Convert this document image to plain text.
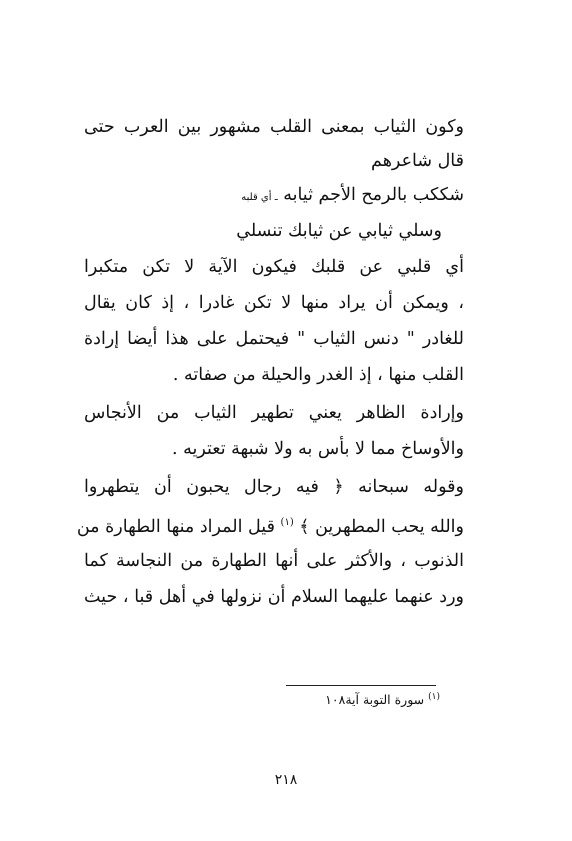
وكون الثياب بمعنى القلب مشهور بين العرب حتى
قال شاعرهم
شككب بالرمح الأجم ثيابه ـ أي قلبه
وسلي ثيابي عن ثيابك تنسلي
أي قلبي عن قلبك فيكون الآية لا تكن متكبرا
، ويمكن أن يراد منها لا تكن غادرا ، إذ كان يقال
للغادر " دنس الثياب " فيحتمل على هذا أيضا إرادة
القلب منها ، إذ الغدر والحيلة من صفاته .
وإرادة الظاهر يعني تطهير الثياب من الأنجاس
والأوساخ مما لا بأس به ولا شبهة تعتريه .
وقوله سبحانه ﴿ فيه رجال يحبون أن يتطهروا
والله يحب المطهرين ﴾ $^{(١)}$ قيل المراد منها الطهارة من
الذنوب ، والأكثر على أنها الطهارة من النجاسة كما
ورد عنهما عليهما السلام أن نزولها في أهل قبا ، حيث
$^{(١)}$ سورة التوبة آية١٠٨
٢١٨
